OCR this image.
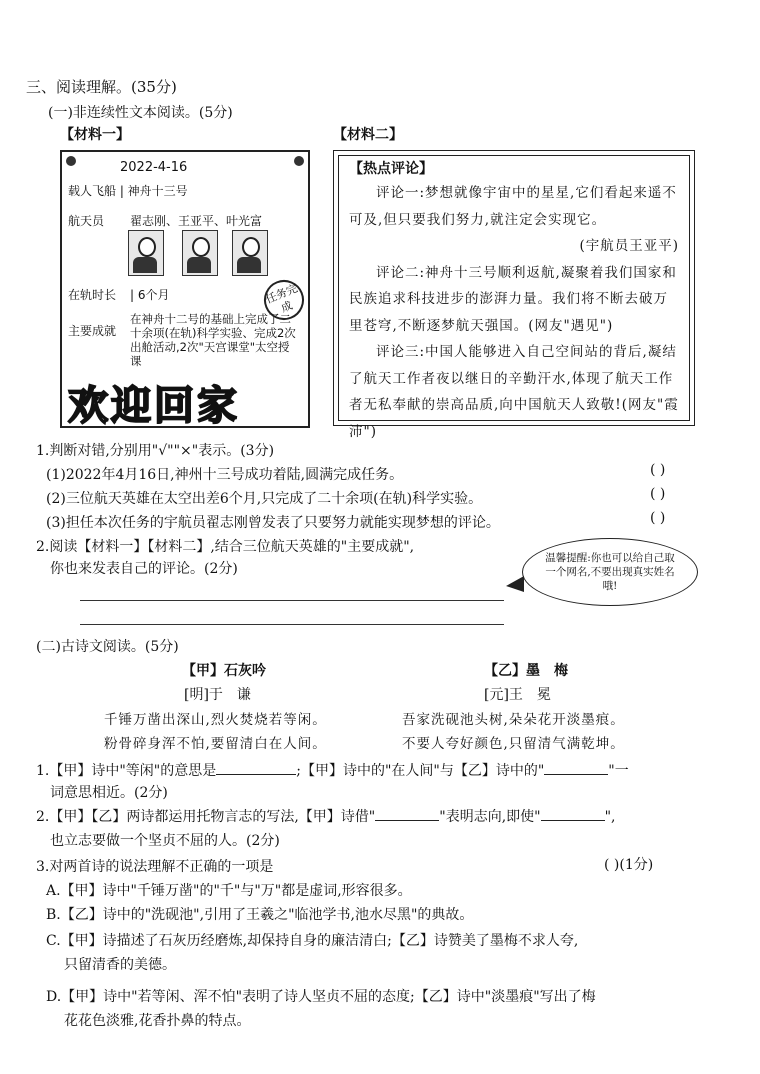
三、阅读理解。(35分)
(一)非连续性文本阅读。(5分)
【材料一】	【材料二】
2022-4-16
载人飞船 | 神舟十三号
航天员 翟志刚、王亚平、叶光富
任务完成
在轨时长 | 6个月
主要成就
在神舟十二号的基础上完成了二十余项(在轨)科学实验、完成2次出舱活动,2次"天宫课堂"太空授课
欢迎回家
【热点评论】

评论一:梦想就像宇宙中的星星,它们看起来遥不可及,但只要我们努力,就注定会实现它。

(宇航员王亚平)

评论二:神舟十三号顺利返航,凝聚着我们国家和民族追求科技进步的澎湃力量。我们将不断去破万里苍穹,不断逐梦航天强国。(网友"遇见")

评论三:中国人能够进入自己空间站的背后,凝结了航天工作者夜以继日的辛勤汗水,体现了航天工作者无私奉献的崇高品质,向中国航天人致敬!(网友"霞沛")

1.判断对错,分别用"√""×"表示。(3分)
(1)2022年4月16日,神州十三号成功着陆,圆满完成任务。	( )
(2)三位航天英雄在太空出差6个月,只完成了二十余项(在轨)科学实验。	( )
(3)担任本次任务的宇航员翟志刚曾发表了只要努力就能实现梦想的评论。	( )
2.阅读【材料一】【材料二】,结合三位航天英雄的"主要成就",
你也来发表自己的评论。(2分)
温馨提醒:你也可以给自己取一个网名,不要出现真实姓名哦!
(二)古诗文阅读。(5分)
【甲】石灰吟
[明]于　谦
千锤万凿出深山,烈火焚烧若等闲。
粉骨碎身浑不怕,要留清白在人间。
【乙】墨　梅
[元]王　冕
吾家洗砚池头树,朵朵花开淡墨痕。
不要人夸好颜色,只留清气满乾坤。
1.【甲】诗中"等闲"的意思是	;【甲】诗中的"在人间"与【乙】诗中的"	"一
词意思相近。(2分)
2.【甲】【乙】两诗都运用托物言志的写法,【甲】诗借"	"表明志向,即使"	",
也立志要做一个坚贞不屈的人。(2分)
3.对两首诗的说法理解不正确的一项是	( )(1分)
A.【甲】诗中"千锤万凿"的"千"与"万"都是虚词,形容很多。
B.【乙】诗中的"洗砚池",引用了王羲之"临池学书,池水尽黑"的典故。
C.【甲】诗描述了石灰历经磨炼,却保持自身的廉洁清白;【乙】诗赞美了墨梅不求人夸,
只留清香的美德。
D.【甲】诗中"若等闲、浑不怕"表明了诗人坚贞不屈的态度;【乙】诗中"淡墨痕"写出了梅
花花色淡雅,花香扑鼻的特点。
